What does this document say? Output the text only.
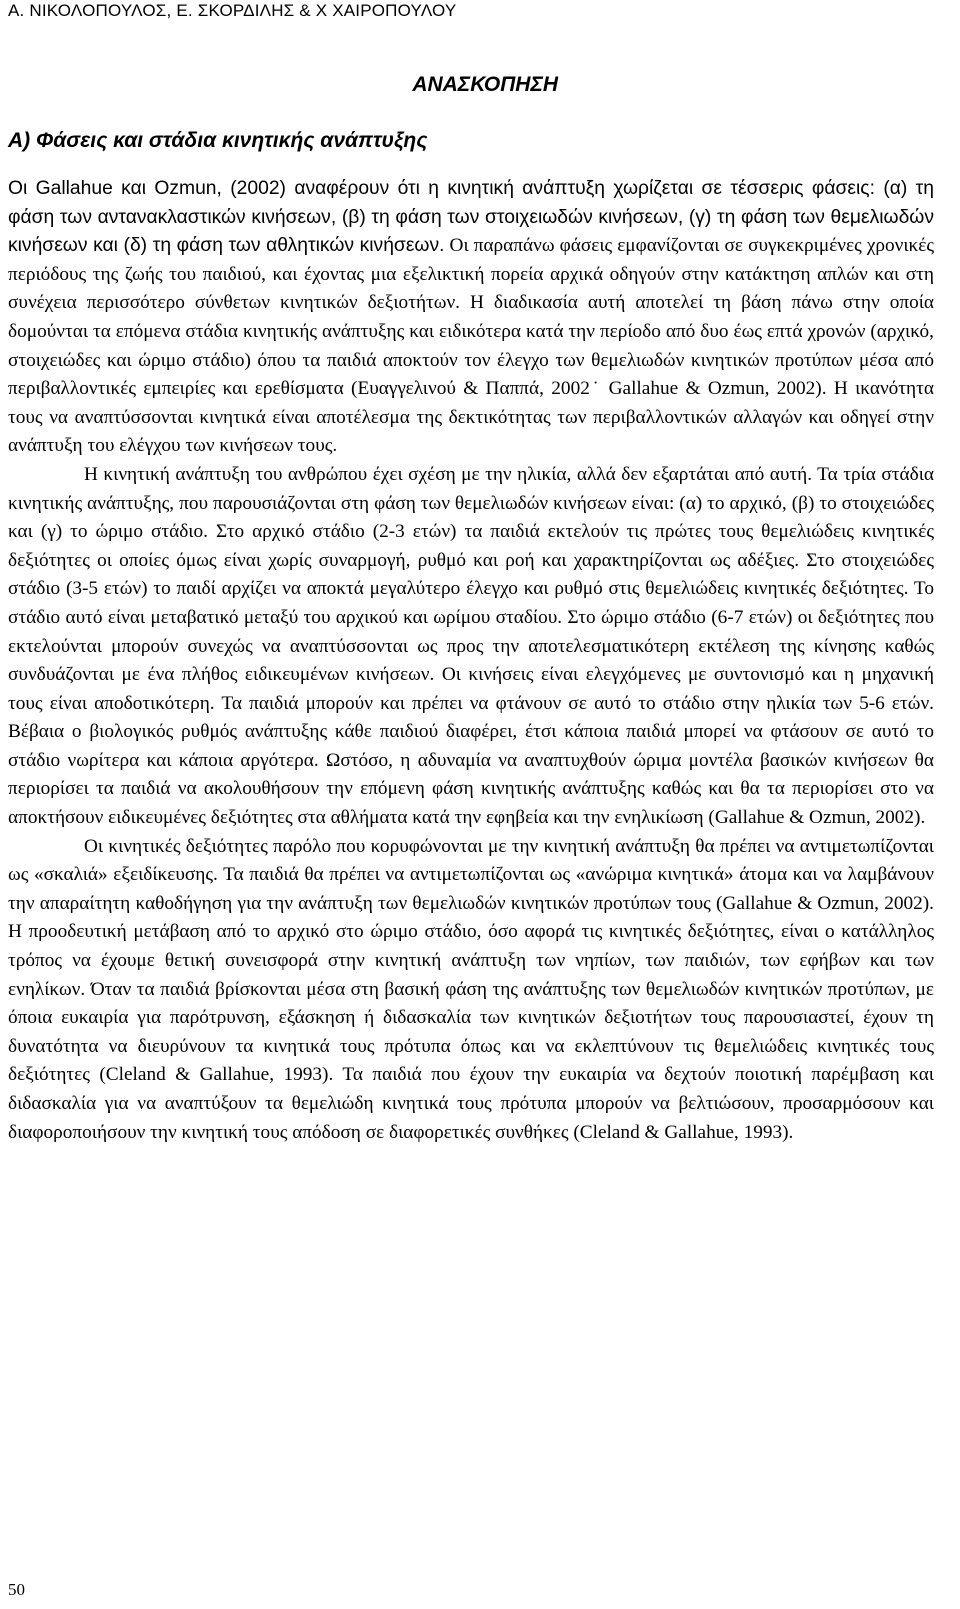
Α. ΝΙΚΟΛΟΠΟΥΛΟΣ, Ε. ΣΚΟΡΔΙΛΗΣ & Χ ΧΑΙΡΟΠΟΥΛΟΥ
ΑΝΑΣΚΟΠΗΣΗ
Α) Φάσεις και στάδια κινητικής ανάπτυξης

Οι Gallahue και Ozmun, (2002) αναφέρουν ότι η κινητική ανάπτυξη χωρίζεται σε τέσσερις φάσεις: (α) τη φάση των αντανακλαστικών κινήσεων, (β) τη φάση των στοιχειωδών κινήσεων, (γ) τη φάση των θεμελιωδών κινήσεων και (δ) τη φάση των αθλητικών κινήσεων. Οι παραπάνω φάσεις εμφανίζονται σε συγκεκριμένες χρονικές περιόδους της ζωής του παιδιού, και έχοντας μια εξελικτική πορεία αρχικά οδηγούν στην κατάκτηση απλών και στη συνέχεια περισσότερο σύνθετων κινητικών δεξιοτήτων. Η διαδικασία αυτή αποτελεί τη βάση πάνω στην οποία δομούνται τα επόμενα στάδια κινητικής ανάπτυξης και ειδικότερα κατά την περίοδο από δυο έως επτά χρονών (αρχικό, στοιχειώδες και ώριμο στάδιο) όπου τα παιδιά αποκτούν τον έλεγχο των θεμελιωδών κινητικών προτύπων μέσα από περιβαλλοντικές εμπειρίες και ερεθίσματα (Ευαγγελινού & Παππά, 2002˙ Gallahue & Ozmun, 2002). Η ικανότητα τους να αναπτύσσονται κινητικά είναι αποτέλεσμα της δεκτικότητας των περιβαλλοντικών αλλαγών και οδηγεί στην ανάπτυξη του ελέγχου των κινήσεων τους.

Η κινητική ανάπτυξη του ανθρώπου έχει σχέση με την ηλικία, αλλά δεν εξαρτάται από αυτή. Τα τρία στάδια κινητικής ανάπτυξης, που παρουσιάζονται στη φάση των θεμελιωδών κινήσεων είναι: (α) το αρχικό, (β) το στοιχειώδες και (γ) το ώριμο στάδιο. Στο αρχικό στάδιο (2-3 ετών) τα παιδιά εκτελούν τις πρώτες τους θεμελιώδεις κινητικές δεξιότητες οι οποίες όμως είναι χωρίς συναρμογή, ρυθμό και ροή και χαρακτηρίζονται ως αδέξιες. Στο στοιχειώδες στάδιο (3-5 ετών) το παιδί αρχίζει να αποκτά μεγαλύτερο έλεγχο και ρυθμό στις θεμελιώδεις κινητικές δεξιότητες. Το στάδιο αυτό είναι μεταβατικό μεταξύ του αρχικού και ωρίμου σταδίου. Στο ώριμο στάδιο (6-7 ετών) οι δεξιότητες που εκτελούνται μπορούν συνεχώς να αναπτύσσονται ως προς την αποτελεσματικότερη εκτέλεση της κίνησης καθώς συνδυάζονται με ένα πλήθος ειδικευμένων κινήσεων. Οι κινήσεις είναι ελεγχόμενες με συντονισμό και η μηχανική τους είναι αποδοτικότερη. Τα παιδιά μπορούν και πρέπει να φτάνουν σε αυτό το στάδιο στην ηλικία των 5-6 ετών. Βέβαια ο βιολογικός ρυθμός ανάπτυξης κάθε παιδιού διαφέρει, έτσι κάποια παιδιά μπορεί να φτάσουν σε αυτό το στάδιο νωρίτερα και κάποια αργότερα. Ωστόσο, η αδυναμία να αναπτυχθούν ώριμα μοντέλα βασικών κινήσεων θα περιορίσει τα παιδιά να ακολουθήσουν την επόμενη φάση κινητικής ανάπτυξης καθώς και θα τα περιορίσει στο να αποκτήσουν ειδικευμένες δεξιότητες στα αθλήματα κατά την εφηβεία και την ενηλικίωση (Gallahue & Ozmun, 2002).

Οι κινητικές δεξιότητες παρόλο που κορυφώνονται με την κινητική ανάπτυξη θα πρέπει να αντιμετωπίζονται ως «σκαλιά» εξειδίκευσης. Τα παιδιά θα πρέπει να αντιμετωπίζονται ως «ανώριμα κινητικά» άτομα και να λαμβάνουν την απαραίτητη καθοδήγηση για την ανάπτυξη των θεμελιωδών κινητικών προτύπων τους (Gallahue & Ozmun, 2002). Η προοδευτική μετάβαση από το αρχικό στο ώριμο στάδιο, όσο αφορά τις κινητικές δεξιότητες, είναι ο κατάλληλος τρόπος να έχουμε θετική συνεισφορά στην κινητική ανάπτυξη των νηπίων, των παιδιών, των εφήβων και των ενηλίκων. Όταν τα παιδιά βρίσκονται μέσα στη βασική φάση της ανάπτυξης των θεμελιωδών κινητικών προτύπων, με όποια ευκαιρία για παρότρυνση, εξάσκηση ή διδασκαλία των κινητικών δεξιοτήτων τους παρουσιαστεί, έχουν τη δυνατότητα να διευρύνουν τα κινητικά τους πρότυπα όπως και να εκλεπτύνουν τις θεμελιώδεις κινητικές τους δεξιότητες (Cleland & Gallahue, 1993). Τα παιδιά που έχουν την ευκαιρία να δεχτούν ποιοτική παρέμβαση και διδασκαλία για να αναπτύξουν τα θεμελιώδη κινητικά τους πρότυπα μπορούν να βελτιώσουν, προσαρμόσουν και διαφοροποιήσουν την κινητική τους απόδοση σε διαφορετικές συνθήκες (Cleland & Gallahue, 1993).

50
